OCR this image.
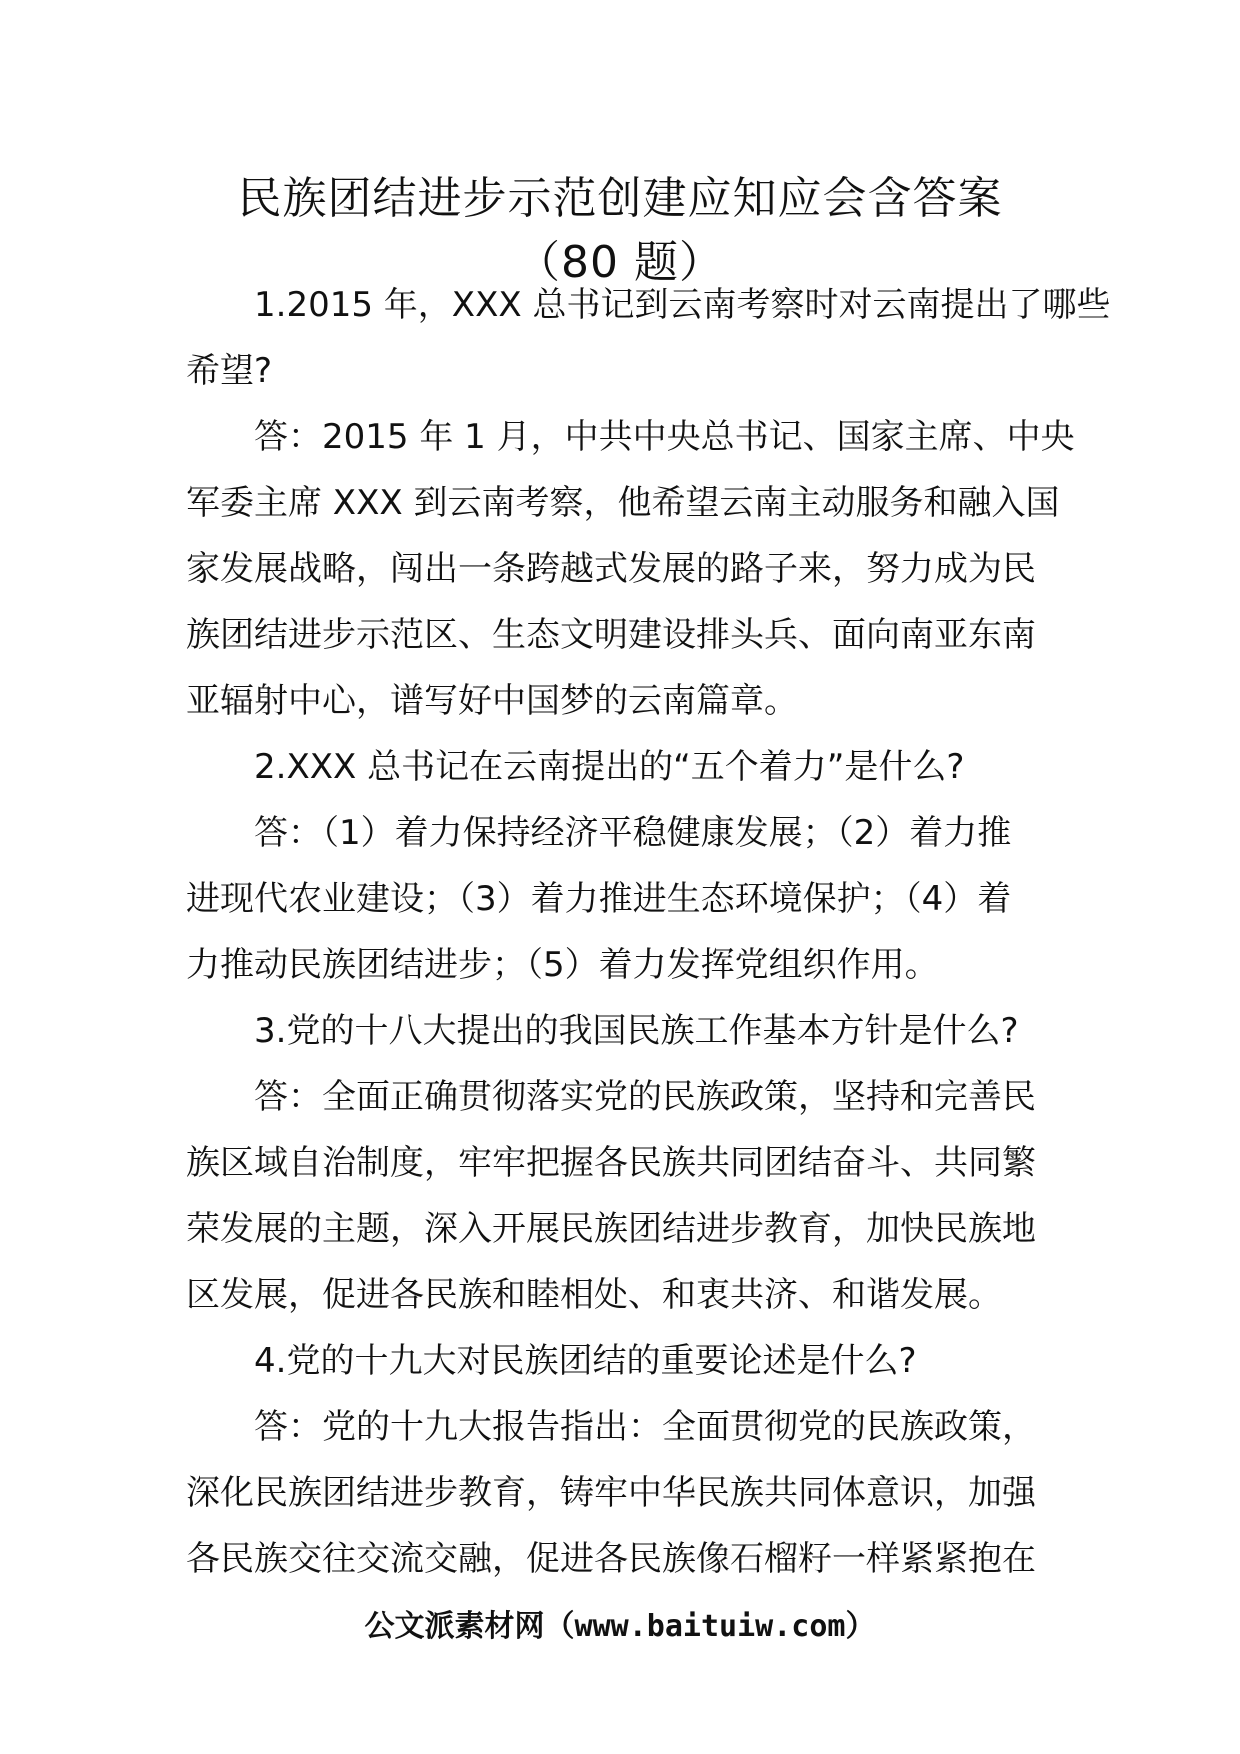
民族团结进步示范创建应知应会含答案
（80 题）
1.2015 年，XXX 总书记到云南考察时对云南提出了哪些
希望?
答：2015 年 1 月，中共中央总书记、国家主席、中央
军委主席 XXX 到云南考察，他希望云南主动服务和融入国
家发展战略，闯出一条跨越式发展的路子来，努力成为民
族团结进步示范区、生态文明建设排头兵、面向南亚东南
亚辐射中心，谱写好中国梦的云南篇章。
2.XXX 总书记在云南提出的“五个着力”是什么?
答：（1）着力保持经济平稳健康发展；（2）着力推
进现代农业建设；（3）着力推进生态环境保护；（4）着
力推动民族团结进步；（5）着力发挥党组织作用。
3.党的十八大提出的我国民族工作基本方针是什么?
答：全面正确贯彻落实党的民族政策，坚持和完善民
族区域自治制度，牢牢把握各民族共同团结奋斗、共同繁
荣发展的主题，深入开展民族团结进步教育，加快民族地
区发展，促进各民族和睦相处、和衷共济、和谐发展。
4.党的十九大对民族团结的重要论述是什么?
答：党的十九大报告指出：全面贯彻党的民族政策，
深化民族团结进步教育，铸牢中华民族共同体意识，加强
各民族交往交流交融，促进各民族像石榴籽一样紧紧抱在
公文派素材网（www.baituiw.com）
